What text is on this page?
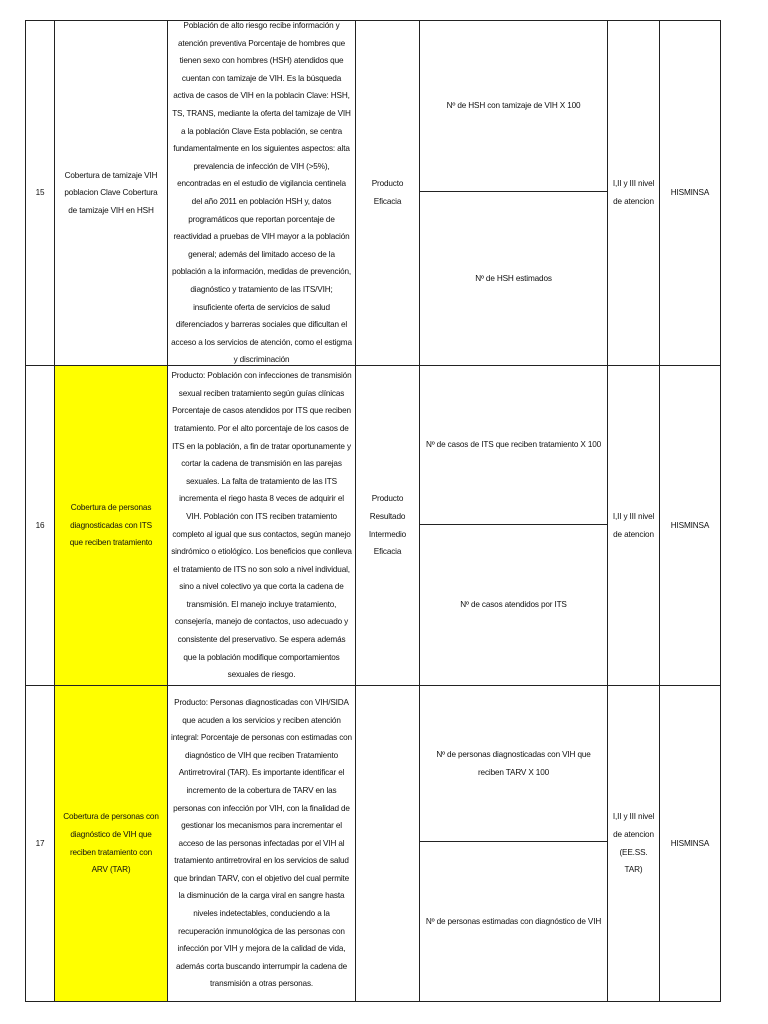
15
Cobertura de tamizaje VIH poblacion Clave Cobertura de tamizaje VIH en HSH
Población de alto riesgo recibe información y atención preventiva Porcentaje de hombres que tienen sexo con hombres (HSH) atendidos que cuentan con tamizaje de VIH. Es la búsqueda activa de casos de VIH en la poblacin Clave: HSH, TS, TRANS, mediante la oferta del tamizaje de VIH a la población Clave Esta población, se centra fundamentalmente en los siguientes aspectos: alta prevalencia de infección de VIH (>5%), encontradas en el estudio de vigilancia centinela del año 2011 en población HSH y, datos programáticos que reportan porcentaje de reactividad a pruebas de VIH mayor a la población general; además del limitado acceso de la población a la información, medidas de prevención, diagnóstico y tratamiento de las ITS/VIH; insuficiente oferta de servicios de salud diferenciados y barreras sociales que dificultan el acceso a los servicios de atención, como el estigma y discriminación
Producto Eficacia
Nº de HSH con tamizaje de VIH X 100
Nº de HSH estimados
I,II y III nivel de atencion
HISMINSA
16
Cobertura de personas diagnosticadas con ITS que reciben tratamiento
Producto: Población con infecciones de transmisión sexual reciben tratamiento según guías clínicas Porcentaje de casos atendidos por ITS que reciben tratamiento. Por el alto porcentaje de los casos de ITS en la población, a fin de tratar oportunamente y cortar la cadena de transmisión en las parejas sexuales. La falta de tratamiento de las ITS incrementa el riego hasta 8 veces de adquirir el VIH. Población con ITS reciben tratamiento completo al igual que sus contactos, según manejo sindrómico o etiológico. Los beneficios que conlleva el tratamiento de ITS no son solo a nivel individual, sino a nivel colectivo ya que corta la cadena de transmisión. El manejo incluye tratamiento, consejería, manejo de contactos, uso adecuado y consistente del preservativo. Se espera además que la población modifique comportamientos sexuales de riesgo.
Producto Resultado Intermedio Eficacia
Nº de casos de ITS que reciben tratamiento X 100
Nº de casos atendidos por ITS
I,II y III nivel de atencion
HISMINSA
17
Cobertura de personas con diagnóstico de VIH que reciben tratamiento con ARV (TAR)
Producto: Personas diagnosticadas con VIH/SIDA que acuden a los servicios y reciben atención integral: Porcentaje de personas con estimadas con diagnóstico de VIH que reciben Tratamiento Antirretroviral (TAR). Es importante identificar el incremento de la cobertura de TARV en las personas con infección por VIH, con la finalidad de gestionar los mecanismos para incrementar el acceso de las personas infectadas por el VIH al tratamiento antirretroviral en los servicios de salud que brindan TARV, con el objetivo del cual permite la disminución de la carga viral en sangre hasta niveles indetectables, conduciendo a la recuperación inmunológica de las personas con infección por VIH y mejora de la calidad de vida, además corta buscando interrumpir la cadena de transmisión a otras personas.
Nº de personas diagnosticadas con VIH que reciben TARV X 100
Nº de personas estimadas con diagnóstico de VIH
I,II y III nivel de atencion (EE.SS. TAR)
HISMINSA
